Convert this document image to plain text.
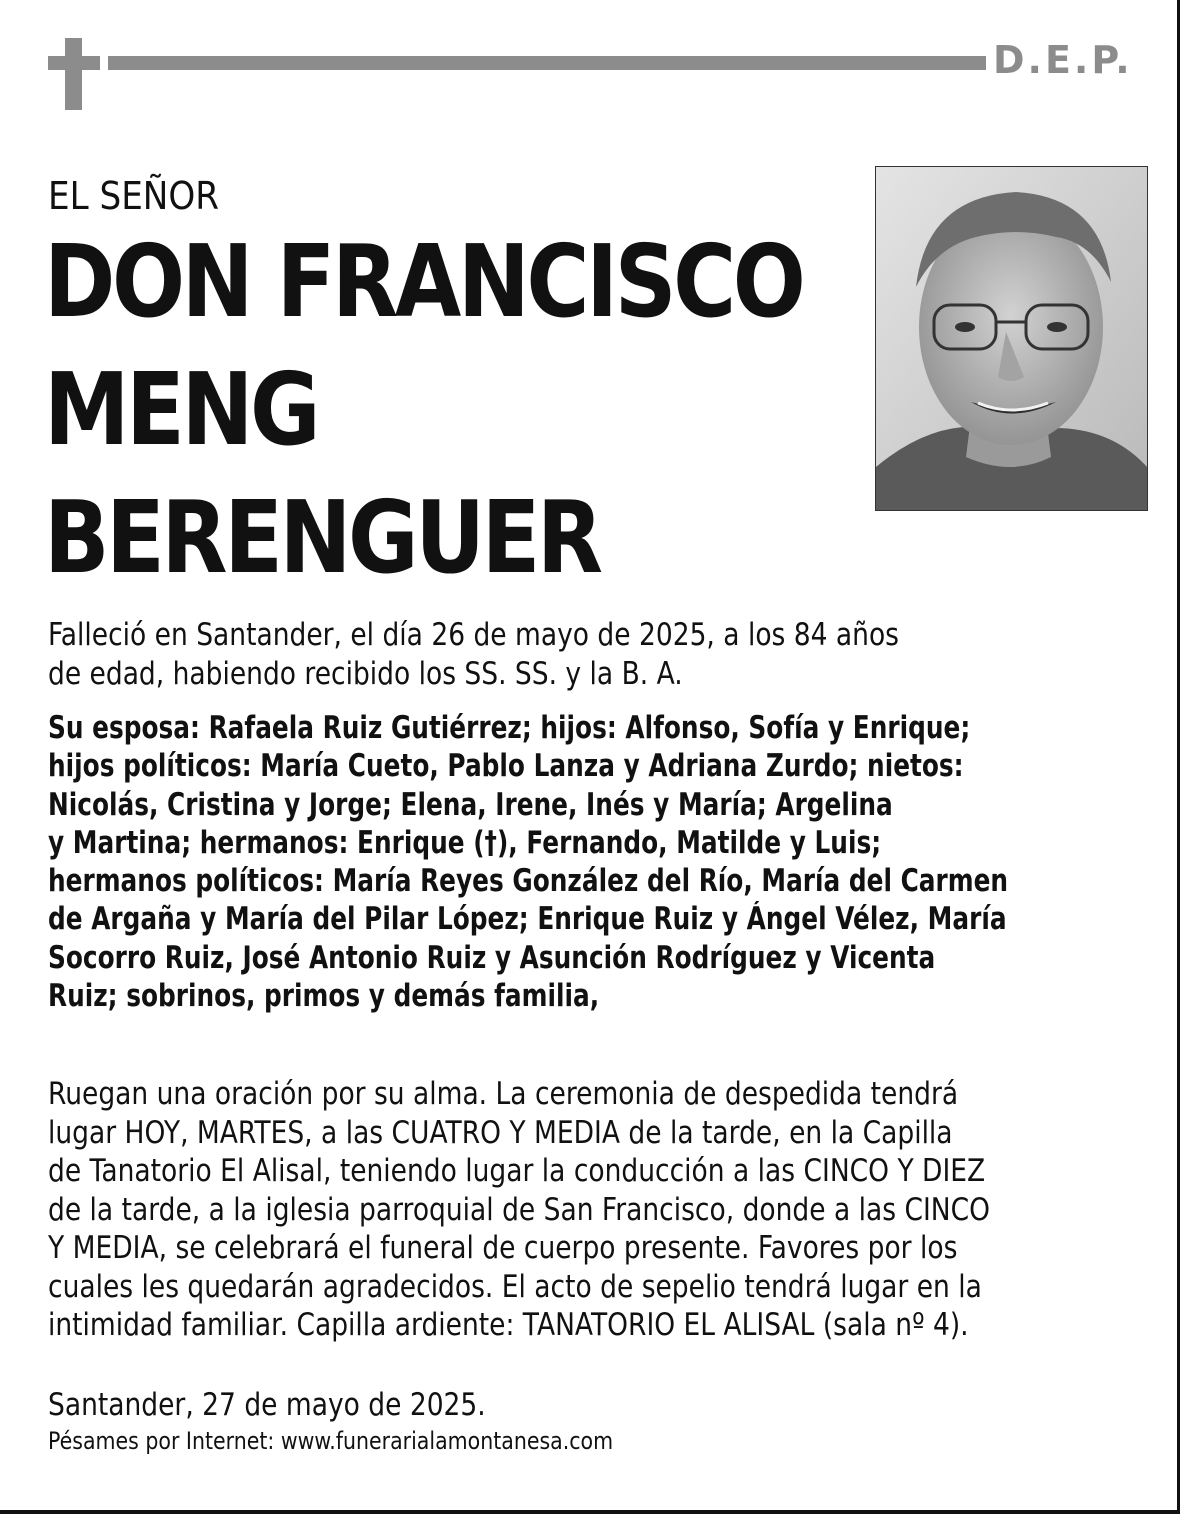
D.E.P.
EL SEÑOR
DON FRANCISCO
MENG
BERENGUER
Falleció en Santander, el día 26 de mayo de 2025, a los 84 años
de edad, habiendo recibido los SS. SS. y la B. A.
Su esposa: Rafaela Ruiz Gutiérrez; hijos: Alfonso, Sofía y Enrique;
hijos políticos: María Cueto, Pablo Lanza y Adriana Zurdo; nietos:
Nicolás, Cristina y Jorge; Elena, Irene, Inés y María; Argelina
y Martina; hermanos: Enrique (†), Fernando, Matilde y Luis;
hermanos políticos: María Reyes González del Río, María del Carmen
de Argaña y María del Pilar López; Enrique Ruiz y Ángel Vélez, María
Socorro Ruiz, José Antonio Ruiz y Asunción Rodríguez y Vicenta
Ruiz; sobrinos, primos y demás familia,
Ruegan una oración por su alma. La ceremonia de despedida tendrá
lugar HOY, MARTES, a las CUATRO Y MEDIA de la tarde, en la Capilla
de Tanatorio El Alisal, teniendo lugar la conducción a las CINCO Y DIEZ
de la tarde, a la iglesia parroquial de San Francisco, donde a las CINCO
Y MEDIA, se celebrará el funeral de cuerpo presente. Favores por los
cuales les quedarán agradecidos. El acto de sepelio tendrá lugar en la
intimidad familiar. Capilla ardiente: TANATORIO EL ALISAL (sala nº 4).
Santander, 27 de mayo de 2025.
Pésames por Internet: www.funerarialamontanesa.com
